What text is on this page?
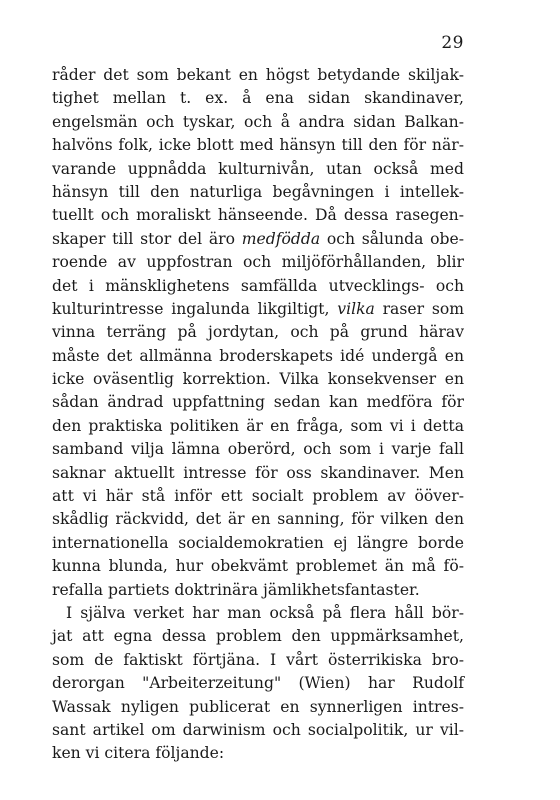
29
råder det som bekant en högst betydande skiljak-
tighet mellan t. ex. å ena sidan skandinaver,
engelsmän och tyskar, och å andra sidan Balkan-
halvöns folk, icke blott med hänsyn till den för när-
varande uppnådda kulturnivån, utan också med
hänsyn till den naturliga begåvningen i intellek-
tuellt och moraliskt hänseende. Då dessa rasegen-
skaper till stor del äro medfödda och sålunda obe-
roende av uppfostran och miljöförhållanden, blir
det i mänsklighetens samfällda utvecklings- och
kulturintresse ingalunda likgiltigt, vilka raser som
vinna terräng på jordytan, och på grund härav
måste det allmänna broderskapets idé undergå en
icke oväsentlig korrektion. Vilka konsekvenser en
sådan ändrad uppfattning sedan kan medföra för
den praktiska politiken är en fråga, som vi i detta
samband vilja lämna oberörd, och som i varje fall
saknar aktuellt intresse för oss skandinaver. Men
att vi här stå inför ett socialt problem av ööver-
skådlig räckvidd, det är en sanning, för vilken den
internationella socialdemokratien ej längre borde
kunna blunda, hur obekvämt problemet än må fö-
refalla partiets doktrinära jämlikhetsfantaster.
I själva verket har man också på flera håll bör-
jat att egna dessa problem den uppmärksamhet,
som de faktiskt förtjäna. I vårt österrikiska bro-
derorgan "Arbeiterzeitung" (Wien) har Rudolf
Wassak nyligen publicerat en synnerligen intres-
sant artikel om darwinism och socialpolitik, ur vil-
ken vi citera följande:
